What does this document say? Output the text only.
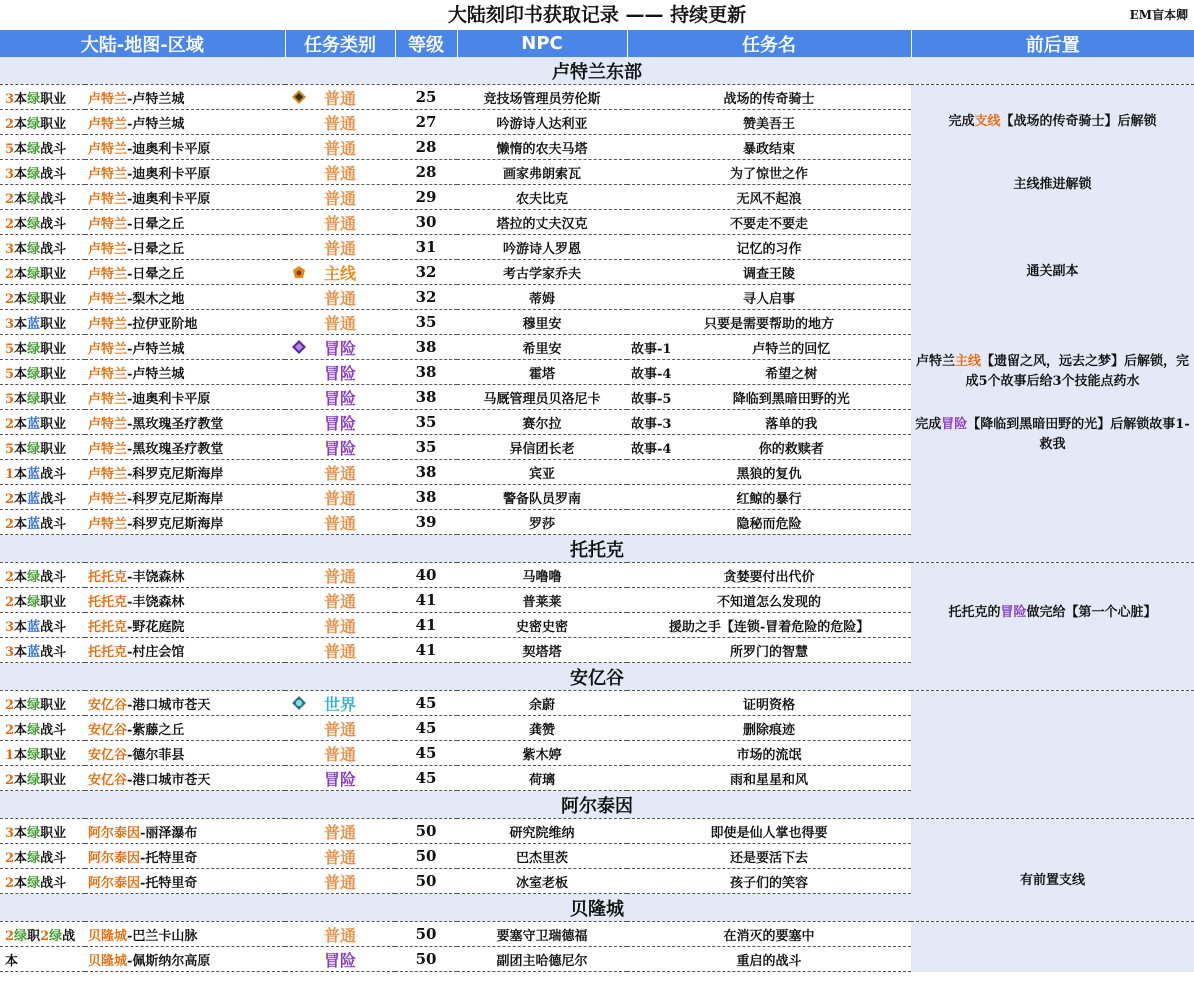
大陆刻印书获取记录 —— 持续更新	EM盲本卿
大陆-地图-区域		任务类别	等级	NPC	任务名	前后置
卢特兰东部						
3本绿职业	卢特兰-卢特兰城	普通	25	竞技场管理员劳伦斯	战场的传奇骑士	
2本绿职业	卢特兰-卢特兰城	普通	27	吟游诗人达利亚	赞美吾王	完成支线【战场的传奇骑士】后解锁
5本绿战斗	卢特兰-迪奥利卡平原	普通	28	懒惰的农夫马塔	暴政结束	
3本绿战斗	卢特兰-迪奥利卡平原	普通	28	画家弗朗索瓦	为了惊世之作	主线推进解锁
2本绿战斗	卢特兰-迪奥利卡平原	普通	29	农夫比克	无风不起浪	
2本绿战斗	卢特兰-日晕之丘	普通	30	塔拉的丈夫汉克	不要走不要走	
3本绿战斗	卢特兰-日晕之丘	普通	31	吟游诗人罗恩	记忆的习作	
2本绿职业	卢特兰-日晕之丘	主线	32	考古学家乔夫	调查王陵	通关副本
2本绿职业	卢特兰-梨木之地	普通	32	蒂姆	寻人启事	
3本蓝职业	卢特兰-拉伊亚阶地	普通	35	穆里安	只要是需要帮助的地方	
5本绿职业	卢特兰-卢特兰城	冒险	38	希里安	故事-1 卢特兰的回忆	卢特兰主线【遗留之风，远去之梦】后解锁，完成5个故事后给3个技能点药水
5本绿职业	卢特兰-卢特兰城	冒险	38	霍塔	故事-4 希望之树	
5本绿职业	卢特兰-迪奥利卡平原	冒险	38	马厩管理员贝洛尼卡	故事-5 降临到黑暗田野的光	
2本蓝职业	卢特兰-黑玫瑰圣疗教堂	冒险	35	赛尔拉	故事-3 落单的我	完成冒险【降临到黑暗田野的光】后解锁故事1-救我
5本绿职业	卢特兰-黑玫瑰圣疗教堂	冒险	35	异信团长老	故事-4 你的救赎者	
1本蓝战斗	卢特兰-科罗克尼斯海岸	普通	38	宾亚	黑狼的复仇	
2本蓝战斗	卢特兰-科罗克尼斯海岸	普通	38	警备队员罗南	红鲸的暴行	
2本蓝战斗	卢特兰-科罗克尼斯海岸	普通	39	罗莎	隐秘而危险	
托托克						
2本绿战斗	托托克-丰饶森林	普通	40	马噜噜	贪婪要付出代价	托托克的冒险做完给【第一个心脏】
2本绿职业	托托克-丰饶森林	普通	41	普莱莱	不知道怎么发现的	
3本蓝战斗	托托克-野花庭院	普通	41	史密史密	援助之手【连锁-冒着危险的危险】	
3本蓝战斗	托托克-村庄会馆	普通	41	契塔塔	所罗门的智慧	
安亿谷						
2本绿职业	安亿谷-港口城市苍天	世界	45	余蔚	证明资格	
2本绿战斗	安亿谷-紫藤之丘	普通	45	龚赞	删除痕迹	
1本绿职业	安亿谷-德尔菲县	普通	45	紫木婷	市场的流氓	
2本绿职业	安亿谷-港口城市苍天	冒险	45	荷璃	雨和星星和风	
阿尔泰因						
3本绿职业	阿尔泰因-丽泽瀑布	普通	50	研究院维纳	即使是仙人掌也得要	
2本绿战斗	阿尔泰因-托特里奇	普通	50	巴杰里茨	还是要活下去	
2本绿战斗	阿尔泰因-托特里奇	普通	50	冰室老板	孩子们的笑容	有前置支线
贝隆城						
2绿职2绿战	贝隆城-巴兰卡山脉	普通	50	要塞守卫瑞德福	在消灭的要塞中	
本	贝隆城-佩斯纳尔高原	冒险	50	副团主哈德尼尔	重启的战斗	
